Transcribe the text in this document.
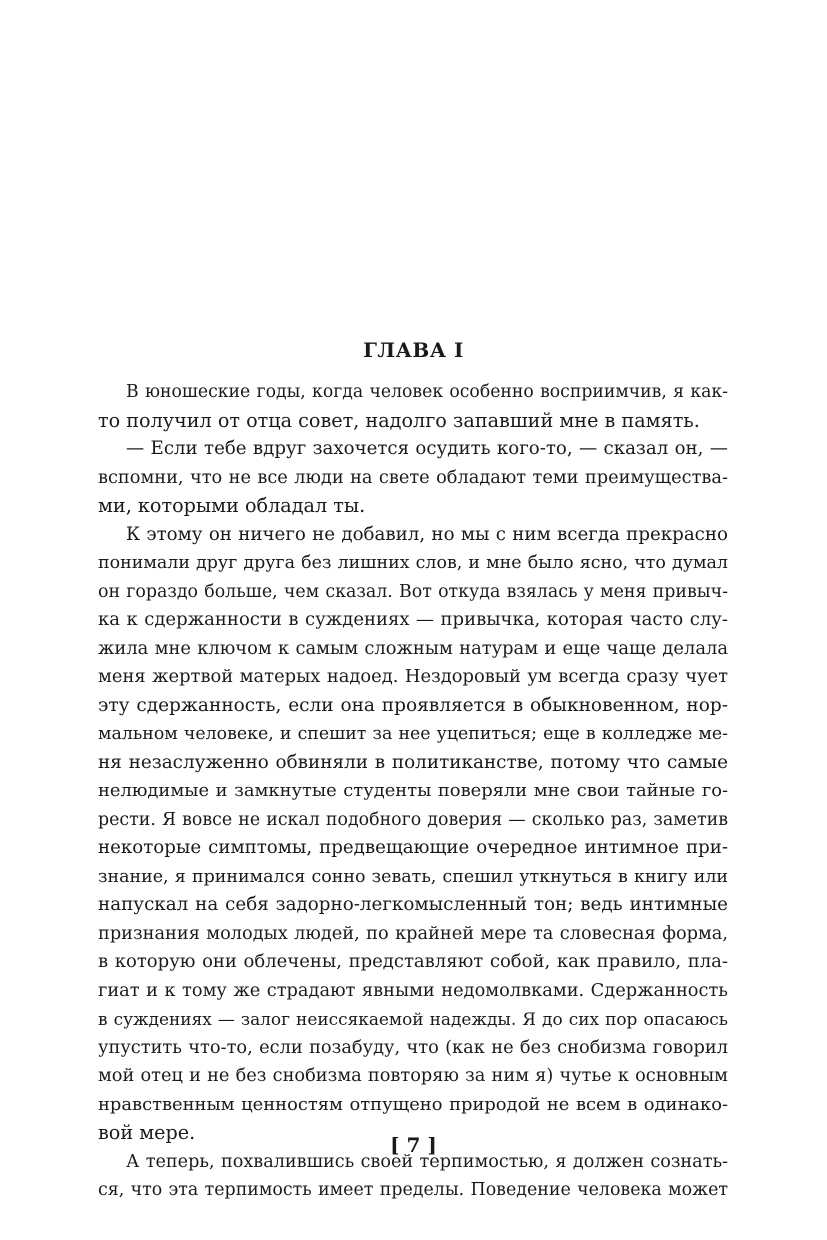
ГЛАВА I
В юношеские годы, когда человек особенно восприимчив, я как-
то получил от отца совет, надолго запавший мне в память.
— Если тебе вдруг захочется осудить кого-то, — сказал он, —
вспомни, что не все люди на свете обладают теми преимущества-
ми, которыми обладал ты.
К этому он ничего не добавил, но мы с ним всегда прекрасно
понимали друг друга без лишних слов, и мне было ясно, что думал
он гораздо больше, чем сказал. Вот откуда взялась у меня привыч-
ка к сдержанности в суждениях — привычка, которая часто слу-
жила мне ключом к самым сложным натурам и еще чаще делала
меня жертвой матерых надоед. Нездоровый ум всегда сразу чует
эту сдержанность, если она проявляется в обыкновенном, нор-
мальном человеке, и спешит за нее уцепиться; еще в колледже ме-
ня незаслуженно обвиняли в политиканстве, потому что самые
нелюдимые и замкнутые студенты поверяли мне свои тайные го-
рести. Я вовсе не искал подобного доверия — сколько раз, заметив
некоторые симптомы, предвещающие очередное интимное при-
знание, я принимался сонно зевать, спешил уткнуться в книгу или
напускал на себя задорно-легкомысленный тон; ведь интимные
признания молодых людей, по крайней мере та словесная форма,
в которую они облечены, представляют собой, как правило, пла-
гиат и к тому же страдают явными недомолвками. Сдержанность
в суждениях — залог неиссякаемой надежды. Я до сих пор опасаюсь
упустить что-то, если позабуду, что (как не без снобизма говорил
мой отец и не без снобизма повторяю за ним я) чутье к основным
нравственным ценностям отпущено природой не всем в одинако-
вой мере.
А теперь, похвалившись своей терпимостью, я должен сознать-
ся, что эта терпимость имеет пределы. Поведение человека может
[ 7 ]
